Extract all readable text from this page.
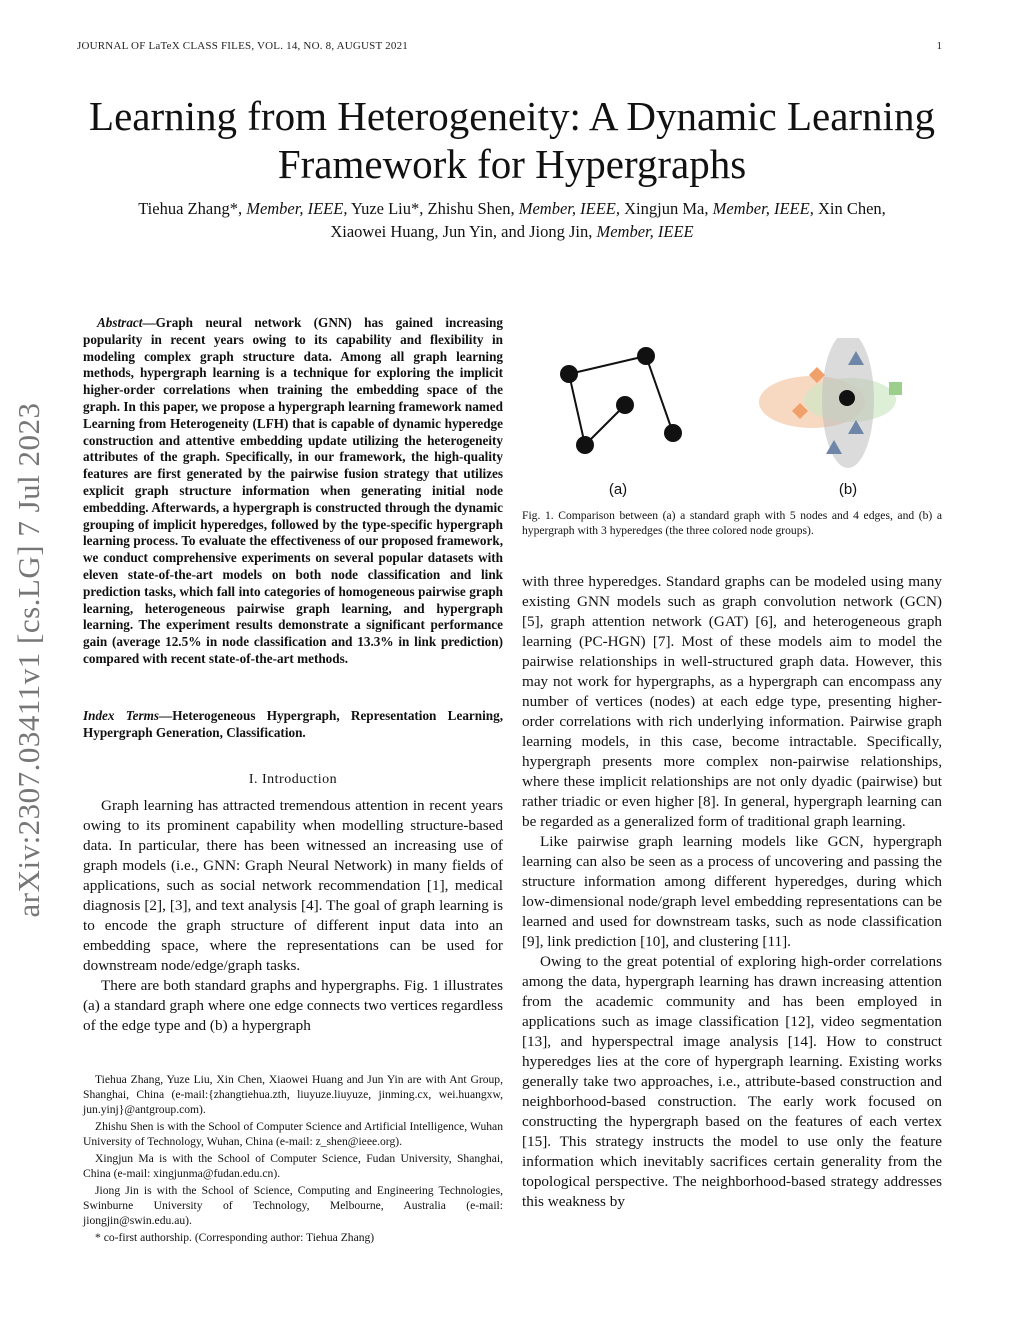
JOURNAL OF LaTeX CLASS FILES, VOL. 14, NO. 8, AUGUST 2021	1
Learning from Heterogeneity: A Dynamic Learning Framework for Hypergraphs
Tiehua Zhang*, Member, IEEE, Yuze Liu*, Zhishu Shen, Member, IEEE, Xingjun Ma, Member, IEEE, Xin Chen,
Xiaowei Huang, Jun Yin, and Jiong Jin, Member, IEEE
arXiv:2307.03411v1 [cs.LG] 7 Jul 2023
Abstract—Graph neural network (GNN) has gained increasing popularity in recent years owing to its capability and flexibility in modeling complex graph structure data. Among all graph learning methods, hypergraph learning is a technique for exploring the implicit higher-order correlations when training the embedding space of the graph. In this paper, we propose a hypergraph learning framework named Learning from Heterogeneity (LFH) that is capable of dynamic hyperedge construction and attentive embedding update utilizing the heterogeneity attributes of the graph. Specifically, in our framework, the high-quality features are first generated by the pairwise fusion strategy that utilizes explicit graph structure information when generating initial node embedding. Afterwards, a hypergraph is constructed through the dynamic grouping of implicit hyperedges, followed by the type-specific hypergraph learning process. To evaluate the effectiveness of our proposed framework, we conduct comprehensive experiments on several popular datasets with eleven state-of-the-art models on both node classification and link prediction tasks, which fall into categories of homogeneous pairwise graph learning, heterogeneous pairwise graph learning, and hypergraph learning. The experiment results demonstrate a significant performance gain (average 12.5% in node classification and 13.3% in link prediction) compared with recent state-of-the-art methods.
Index Terms—Heterogeneous Hypergraph, Representation Learning, Hypergraph Generation, Classification.
I. Introduction

Graph learning has attracted tremendous attention in recent years owing to its prominent capability when modelling structure-based data. In particular, there has been witnessed an increasing use of graph models (i.e., GNN: Graph Neural Network) in many fields of applications, such as social network recommendation [1], medical diagnosis [2], [3], and text analysis [4]. The goal of graph learning is to encode the graph structure of different input data into an embedding space, where the representations can be used for downstream node/edge/graph tasks.

There are both standard graphs and hypergraphs. Fig. 1 illustrates (a) a standard graph where one edge connects two vertices regardless of the edge type and (b) a hypergraph

Tiehua Zhang, Yuze Liu, Xin Chen, Xiaowei Huang and Jun Yin are with Ant Group, Shanghai, China (e-mail:{zhangtiehua.zth, liuyuze.liuyuze, jinming.cx, wei.huangxw, jun.yinj}@antgroup.com).

Zhishu Shen is with the School of Computer Science and Artificial Intelligence, Wuhan University of Technology, Wuhan, China (e-mail: z_shen@ieee.org).

Xingjun Ma is with the School of Computer Science, Fudan University, Shanghai, China (e-mail: xingjunma@fudan.edu.cn).

Jiong Jin is with the School of Science, Computing and Engineering Technologies, Swinburne University of Technology, Melbourne, Australia (e-mail: jiongjin@swin.edu.au).

* co-first authorship. (Corresponding author: Tiehua Zhang)

(a)	(b)
Fig. 1. Comparison between (a) a standard graph with 5 nodes and 4 edges, and (b) a hypergraph with 3 hyperedges (the three colored node groups).

with three hyperedges. Standard graphs can be modeled using many existing GNN models such as graph convolution network (GCN) [5], graph attention network (GAT) [6], and heterogeneous graph learning (PC-HGN) [7]. Most of these models aim to model the pairwise relationships in well-structured graph data. However, this may not work for hypergraphs, as a hypergraph can encompass any number of vertices (nodes) at each edge type, presenting higher-order correlations with rich underlying information. Pairwise graph learning models, in this case, become intractable. Specifically, hypergraph presents more complex non-pairwise relationships, where these implicit relationships are not only dyadic (pairwise) but rather triadic or even higher [8]. In general, hypergraph learning can be regarded as a generalized form of traditional graph learning.

Like pairwise graph learning models like GCN, hypergraph learning can also be seen as a process of uncovering and passing the structure information among different hyperedges, during which low-dimensional node/graph level embedding representations can be learned and used for downstream tasks, such as node classification [9], link prediction [10], and clustering [11].

Owing to the great potential of exploring high-order correlations among the data, hypergraph learning has drawn increasing attention from the academic community and has been employed in applications such as image classification [12], video segmentation [13], and hyperspectral image analysis [14]. How to construct hyperedges lies at the core of hypergraph learning. Existing works generally take two approaches, i.e., attribute-based construction and neighborhood-based construction. The early work focused on constructing the hypergraph based on the features of each vertex [15]. This strategy instructs the model to use only the feature information which inevitably sacrifices certain generality from the topological perspective. The neighborhood-based strategy addresses this weakness by
